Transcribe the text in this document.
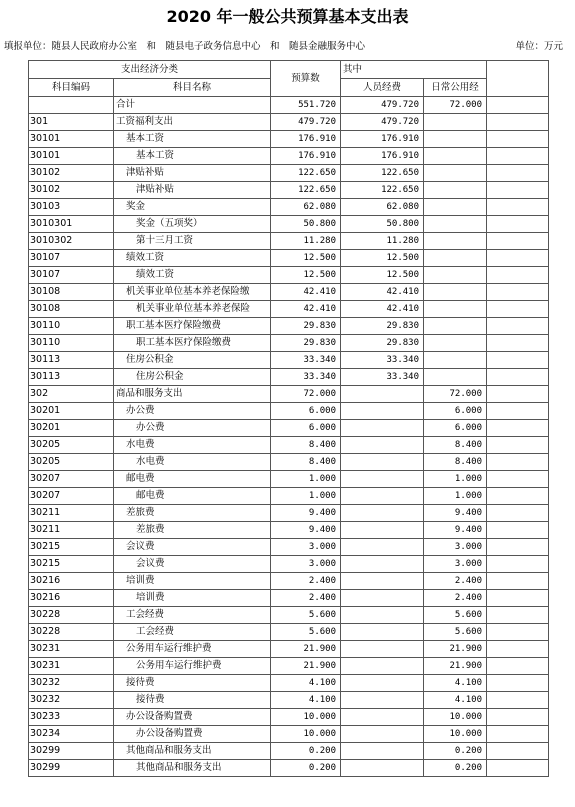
2020 年一般公共预算基本支出表
填报单位：随县人民政府办公室　和　随县电子政务信息中心　和　随县金融服务中心	单位：万元
支出经济分类		预算数	其中		
科目编码	科目名称		人员经费	日常公用经	
	合计	551.720	479.720	72.000	
301	工资福利支出	479.720	479.720		
30101	基本工资	176.910	176.910		
30101	基本工资	176.910	176.910		
30102	津贴补贴	122.650	122.650		
30102	津贴补贴	122.650	122.650		
30103	奖金	62.080	62.080		
3010301	奖金（五项奖）	50.800	50.800		
3010302	第十三月工资	11.280	11.280		
30107	绩效工资	12.500	12.500		
30107	绩效工资	12.500	12.500		
30108	机关事业单位基本养老保险缴	42.410	42.410		
30108	机关事业单位基本养老保险	42.410	42.410		
30110	职工基本医疗保险缴费	29.830	29.830		
30110	职工基本医疗保险缴费	29.830	29.830		
30113	住房公积金	33.340	33.340		
30113	住房公积金	33.340	33.340		
302	商品和服务支出	72.000		72.000	
30201	办公费	6.000		6.000	
30201	办公费	6.000		6.000	
30205	水电费	8.400		8.400	
30205	水电费	8.400		8.400	
30207	邮电费	1.000		1.000	
30207	邮电费	1.000		1.000	
30211	差旅费	9.400		9.400	
30211	差旅费	9.400		9.400	
30215	会议费	3.000		3.000	
30215	会议费	3.000		3.000	
30216	培训费	2.400		2.400	
30216	培训费	2.400		2.400	
30228	工会经费	5.600		5.600	
30228	工会经费	5.600		5.600	
30231	公务用车运行维护费	21.900		21.900	
30231	公务用车运行维护费	21.900		21.900	
30232	接待费	4.100		4.100	
30232	接待费	4.100		4.100	
30233	办公设备购置费	10.000		10.000	
30234	办公设备购置费	10.000		10.000	
30299	其他商品和服务支出	0.200		0.200	
30299	其他商品和服务支出	0.200		0.200	
